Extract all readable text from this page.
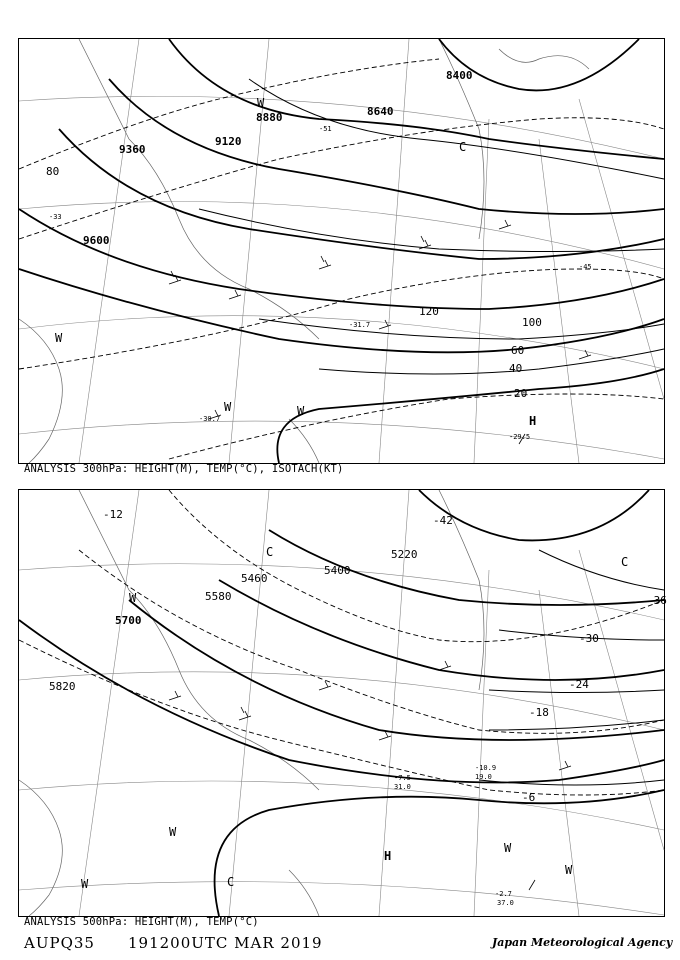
8400
8640
8880
9120
9360
9600
20
40
60
80
100
120
H
W	W
W
W
C
-29.5
-30.7
-31.7
-33
-45
-51
ANALYSIS 300hPa: HEIGHT(M), TEMP(°C), ISOTACH(KT)
5220
5400
5460
5580
5700
5820
-42
-36
-30
-24
-18
-6
-12
H
C
C
C
W
W
W
W
W
-2.7
37.0
-7.5
31.0
-10.9
19.0
ANALYSIS 500hPa: HEIGHT(M), TEMP(°C)
AUPQ35 191200UTC MAR 2019	Japan Meteorological Agency
